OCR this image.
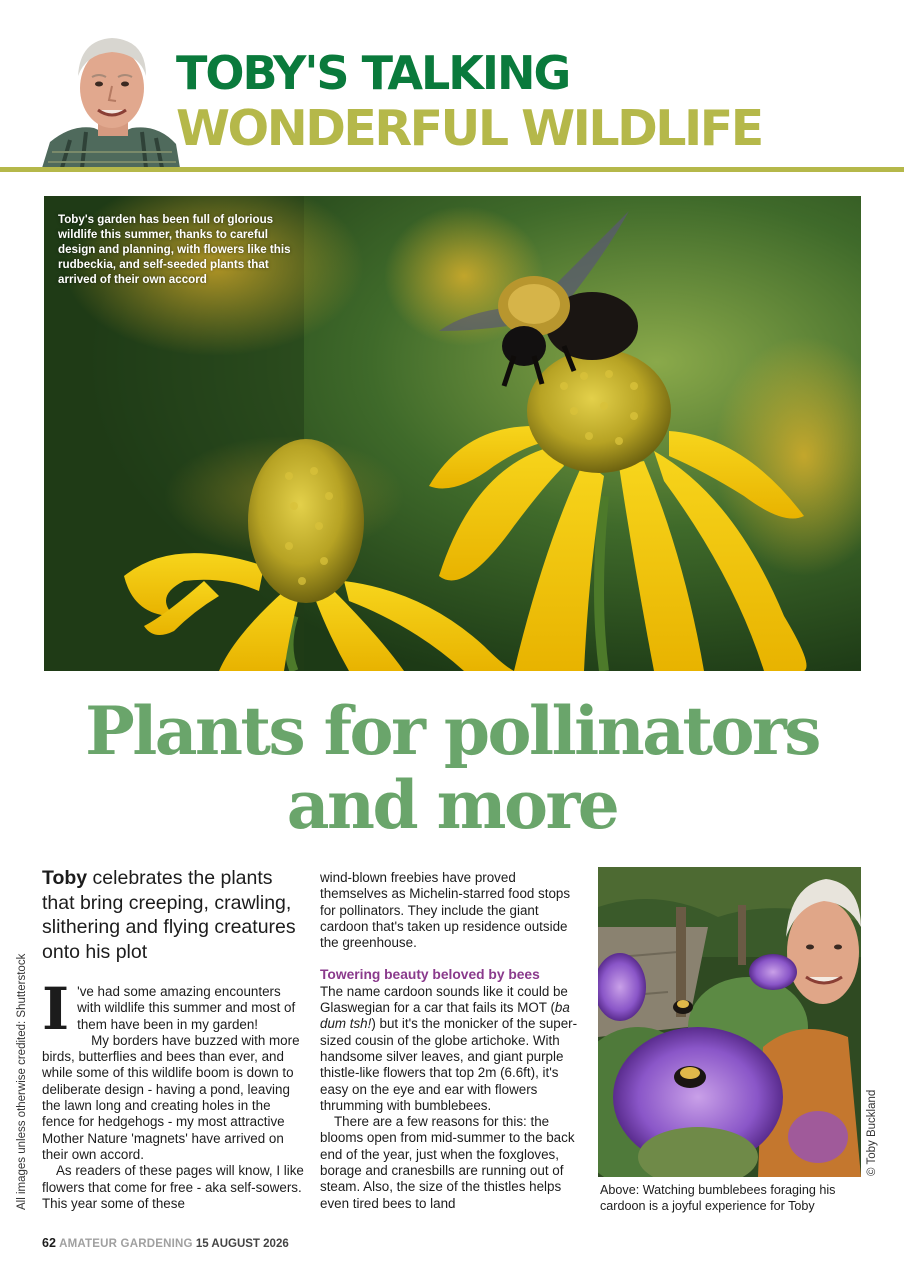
TOBY'S TALKING
WONDERFUL WILDLIFE
Toby's garden has been full of glorious wildlife this summer, thanks to careful design and planning, with flowers like this rudbeckia, and self-seeded plants that arrived of their own accord
Plants for pollinators
and more
All images unless otherwise credited: Shutterstock
Toby celebrates the plants that bring creeping, crawling, slithering and flying creatures onto his plot
I 've had some amazing encounters with wildlife this summer and most of them have been in my garden!

My borders have buzzed with more birds, butterflies and bees than ever, and while some of this wildlife boom is down to deliberate design - having a pond, leaving the lawn long and creating holes in the fence for hedgehogs - my most attractive Mother Nature 'magnets' have arrived on their own accord.

As readers of these pages will know, I like flowers that come for free - aka self-sowers. This year some of these

wind-blown freebies have proved themselves as Michelin-starred food stops for pollinators. They include the giant cardoon that's taken up residence outside the greenhouse.

Towering beauty beloved by bees

The name cardoon sounds like it could be Glaswegian for a car that fails its MOT (ba dum tsh!) but it's the monicker of the super-sized cousin of the globe artichoke. With handsome silver leaves, and giant purple thistle-like flowers that top 2m (6.6ft), it's easy on the eye and ear with flowers thrumming with bumblebees.

There are a few reasons for this: the blooms open from mid-summer to the back end of the year, just when the foxgloves, borage and cranesbills are running out of steam. Also, the size of the thistles helps even tired bees to land

© Toby Buckland
Above: Watching bumblebees foraging his cardoon is a joyful experience for Toby
62 AMATEUR GARDENING 15 AUGUST 2026
